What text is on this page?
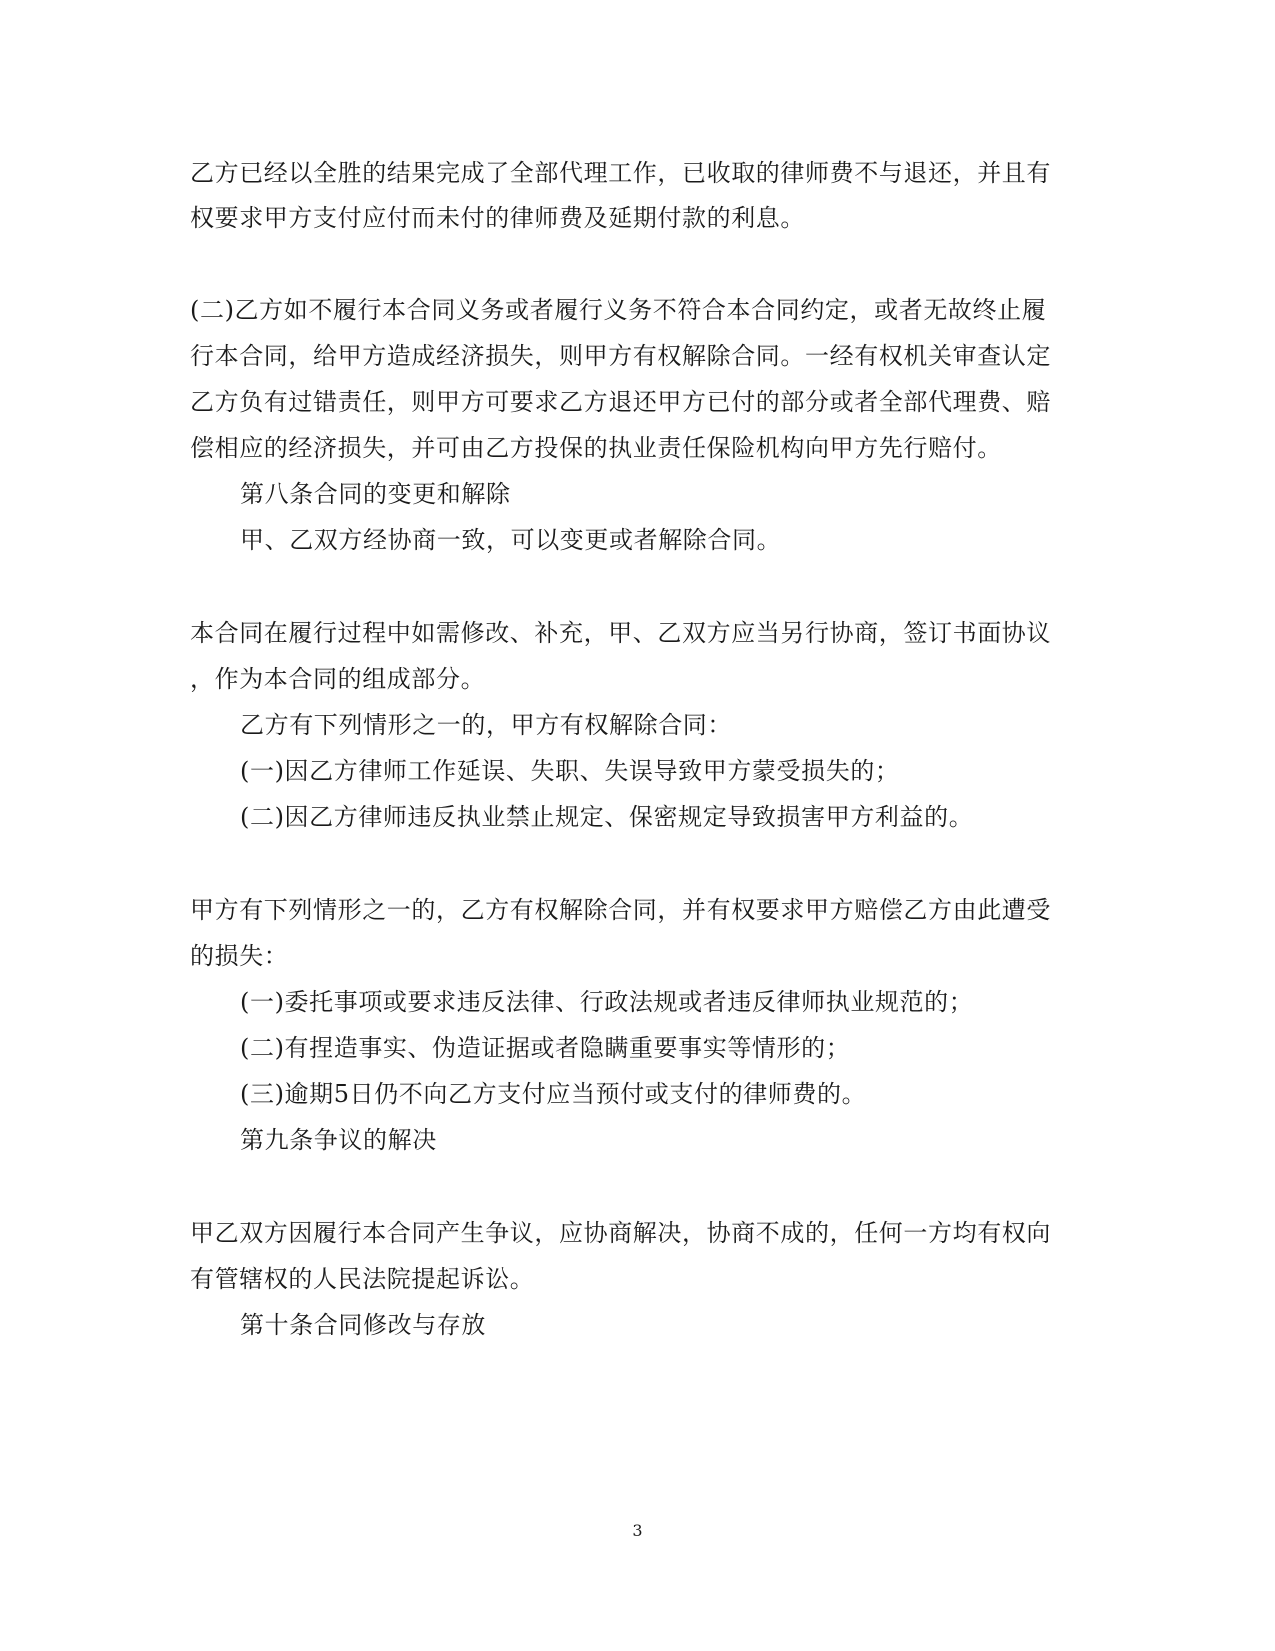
乙方已经以全胜的结果完成了全部代理工作，已收取的律师费不与退还，并且有
权要求甲方支付应付而未付的律师费及延期付款的利息。
(二)乙方如不履行本合同义务或者履行义务不符合本合同约定，或者无故终止履
行本合同，给甲方造成经济损失，则甲方有权解除合同。一经有权机关审查认定
乙方负有过错责任，则甲方可要求乙方退还甲方已付的部分或者全部代理费、赔
偿相应的经济损失，并可由乙方投保的执业责任保险机构向甲方先行赔付。
第八条合同的变更和解除
甲、乙双方经协商一致，可以变更或者解除合同。
本合同在履行过程中如需修改、补充，甲、乙双方应当另行协商，签订书面协议
，作为本合同的组成部分。
乙方有下列情形之一的，甲方有权解除合同：
(一)因乙方律师工作延误、失职、失误导致甲方蒙受损失的；
(二)因乙方律师违反执业禁止规定、保密规定导致损害甲方利益的。
甲方有下列情形之一的，乙方有权解除合同，并有权要求甲方赔偿乙方由此遭受
的损失：
(一)委托事项或要求违反法律、行政法规或者违反律师执业规范的；
(二)有捏造事实、伪造证据或者隐瞒重要事实等情形的；
(三)逾期5日仍不向乙方支付应当预付或支付的律师费的。
第九条争议的解决
甲乙双方因履行本合同产生争议，应协商解决，协商不成的，任何一方均有权向
有管辖权的人民法院提起诉讼。
第十条合同修改与存放
3
